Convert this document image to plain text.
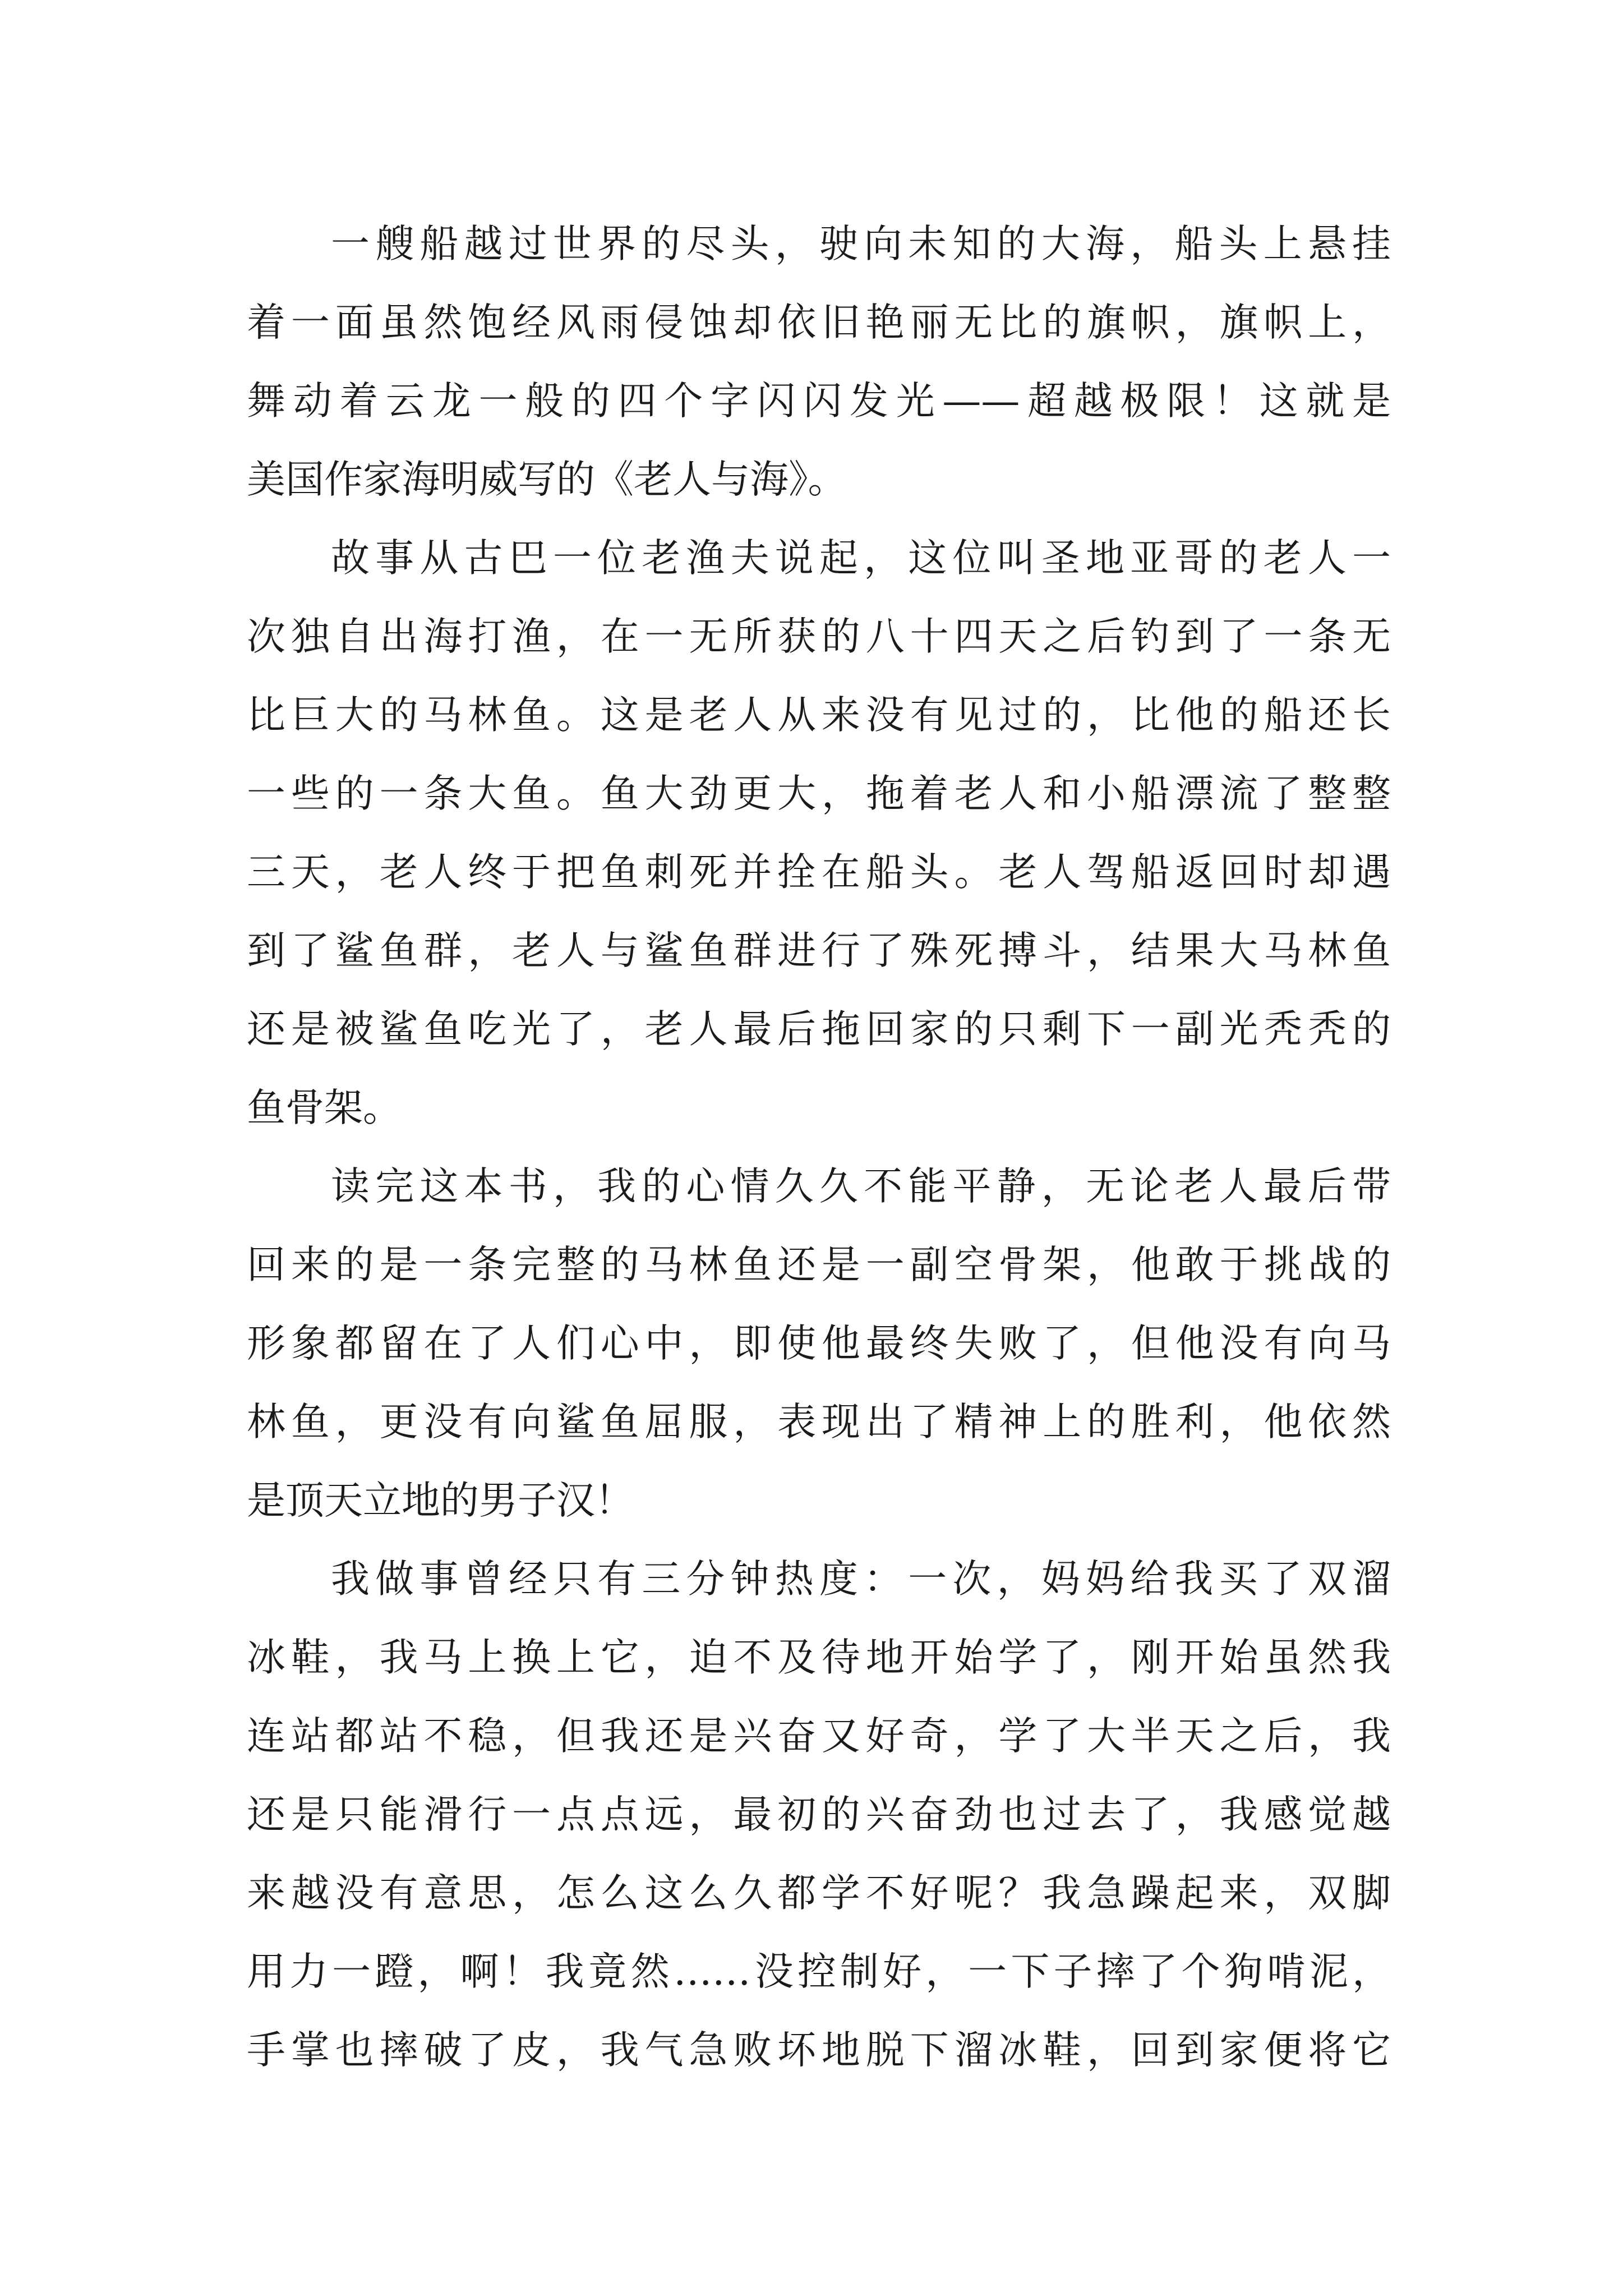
一艘船越过世界的尽头，驶向未知的大海，船头上悬挂
着一面虽然饱经风雨侵蚀却依旧艳丽无比的旗帜，旗帜上，
舞动着云龙一般的四个字闪闪发光——超越极限！这就是
美国作家海明威写的《老人与海》。
故事从古巴一位老渔夫说起，这位叫圣地亚哥的老人一
次独自出海打渔，在一无所获的八十四天之后钓到了一条无
比巨大的马林鱼。这是老人从来没有见过的，比他的船还长
一些的一条大鱼。鱼大劲更大，拖着老人和小船漂流了整整
三天，老人终于把鱼刺死并拴在船头。老人驾船返回时却遇
到了鲨鱼群，老人与鲨鱼群进行了殊死搏斗，结果大马林鱼
还是被鲨鱼吃光了，老人最后拖回家的只剩下一副光秃秃的
鱼骨架。
读完这本书，我的心情久久不能平静，无论老人最后带
回来的是一条完整的马林鱼还是一副空骨架，他敢于挑战的
形象都留在了人们心中，即使他最终失败了，但他没有向马
林鱼，更没有向鲨鱼屈服，表现出了精神上的胜利，他依然
是顶天立地的男子汉！
我做事曾经只有三分钟热度：一次，妈妈给我买了双溜
冰鞋，我马上换上它，迫不及待地开始学了，刚开始虽然我
连站都站不稳，但我还是兴奋又好奇，学了大半天之后，我
还是只能滑行一点点远，最初的兴奋劲也过去了，我感觉越
来越没有意思，怎么这么久都学不好呢？我急躁起来，双脚
用力一蹬，啊！我竟然……没控制好，一下子摔了个狗啃泥，
手掌也摔破了皮，我气急败坏地脱下溜冰鞋，回到家便将它
